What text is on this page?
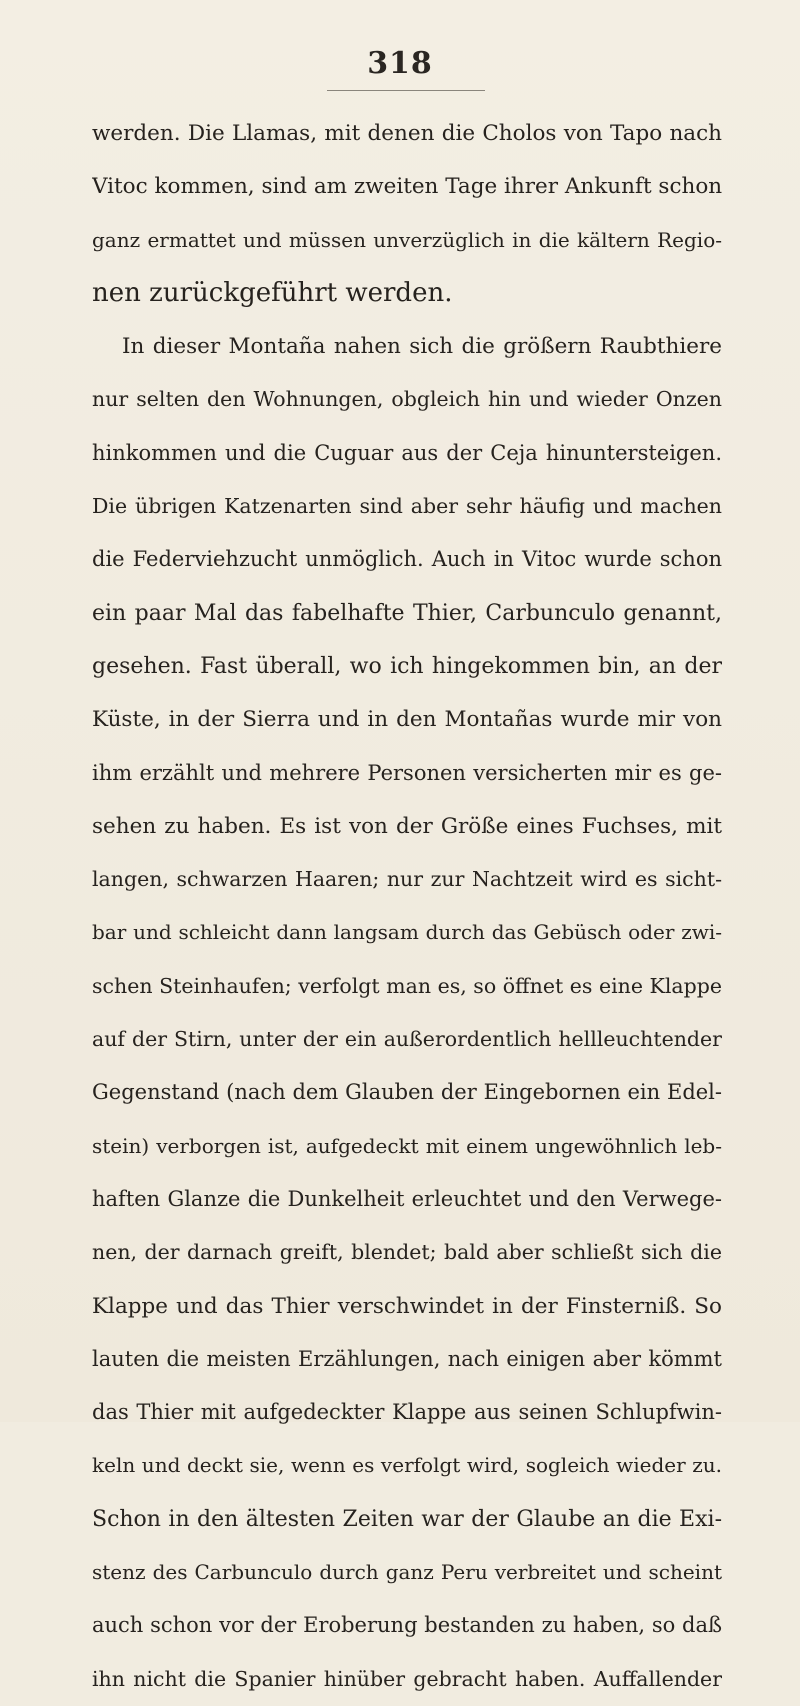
318
werden. Die Llamas, mit denen die Cholos von Tapo nach
Vitoc kommen, sind am zweiten Tage ihrer Ankunft schon
ganz ermattet und müssen unverzüglich in die kältern Regio-
nen zurückgeführt werden.
In dieser Montaña nahen sich die größern Raubthiere
nur selten den Wohnungen, obgleich hin und wieder Onzen
hinkommen und die Cuguar aus der Ceja hinuntersteigen.
Die übrigen Katzenarten sind aber sehr häufig und machen
die Federviehzucht unmöglich. Auch in Vitoc wurde schon
ein paar Mal das fabelhafte Thier, Carbunculo genannt,
gesehen. Fast überall, wo ich hingekommen bin, an der
Küste, in der Sierra und in den Montañas wurde mir von
ihm erzählt und mehrere Personen versicherten mir es ge-
sehen zu haben. Es ist von der Größe eines Fuchses, mit
langen, schwarzen Haaren; nur zur Nachtzeit wird es sicht-
bar und schleicht dann langsam durch das Gebüsch oder zwi-
schen Steinhaufen; verfolgt man es, so öffnet es eine Klappe
auf der Stirn, unter der ein außerordentlich hellleuchtender
Gegenstand (nach dem Glauben der Eingebornen ein Edel-
stein) verborgen ist, aufgedeckt mit einem ungewöhnlich leb-
haften Glanze die Dunkelheit erleuchtet und den Verwege-
nen, der darnach greift, blendet; bald aber schließt sich die
Klappe und das Thier verschwindet in der Finsterniß. So
lauten die meisten Erzählungen, nach einigen aber kömmt
das Thier mit aufgedeckter Klappe aus seinen Schlupfwin-
keln und deckt sie, wenn es verfolgt wird, sogleich wieder zu.
Schon in den ältesten Zeiten war der Glaube an die Exi-
stenz des Carbunculo durch ganz Peru verbreitet und scheint
auch schon vor der Eroberung bestanden zu haben, so daß
ihn nicht die Spanier hinüber gebracht haben. Auffallender
